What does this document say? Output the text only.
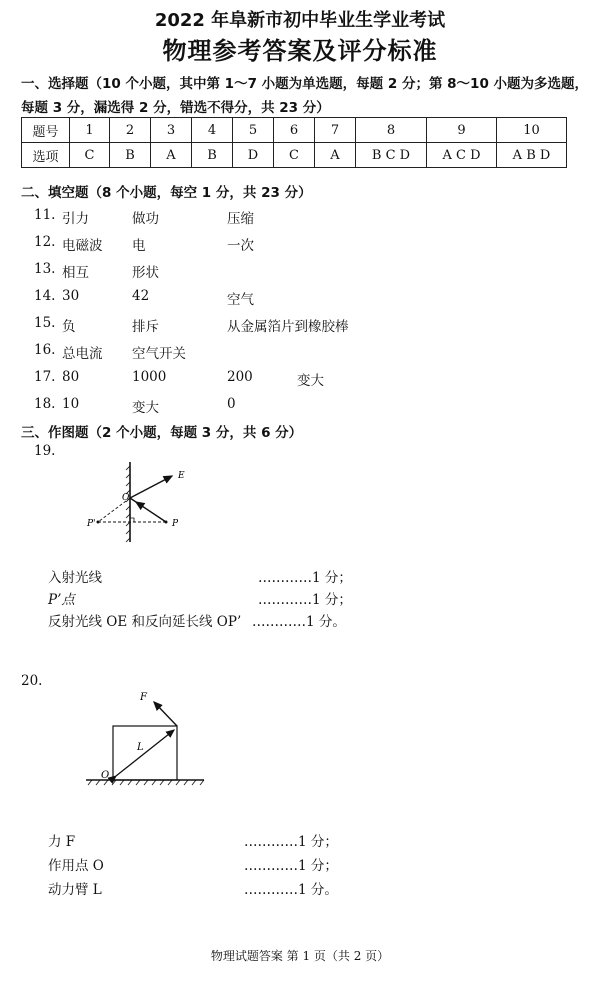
2022 年阜新市初中毕业生学业考试
物理参考答案及评分标准
一、选择题（10 个小题，其中第 1～7 小题为单选题，每题 2 分；第 8～10 小题为多选题，
每题 3 分，漏选得 2 分，错选不得分，共 23 分）
题号	1	2	3	4	5	6	7	8	9	10
选项	C	B	A	B	D	C	A	B C D	A C D	A B D
二、填空题（8 个小题，每空 1 分，共 23 分）
11. 引力	做功	压缩
12. 电磁波 电	一次
13. 相互	形状
14. 30	42	空气
15. 负	排斥	从金属箔片到橡胶棒
16. 总电流 空气开关
17. 80	1000	200	变大
18. 10	变大	0
三、作图题（2 个小题，每题 3 分，共 6 分）
19.
E
O
P'	P
入射光线	…………1 分；
P’点	…………1 分；
反射光线 OE 和反向延长线 OP’ …………1 分。
20.
F
L
O
力 F	…………1 分；
作用点 O	…………1 分；
动力臂 L	…………1 分。
物理试题答案 第 1 页（共 2 页）
